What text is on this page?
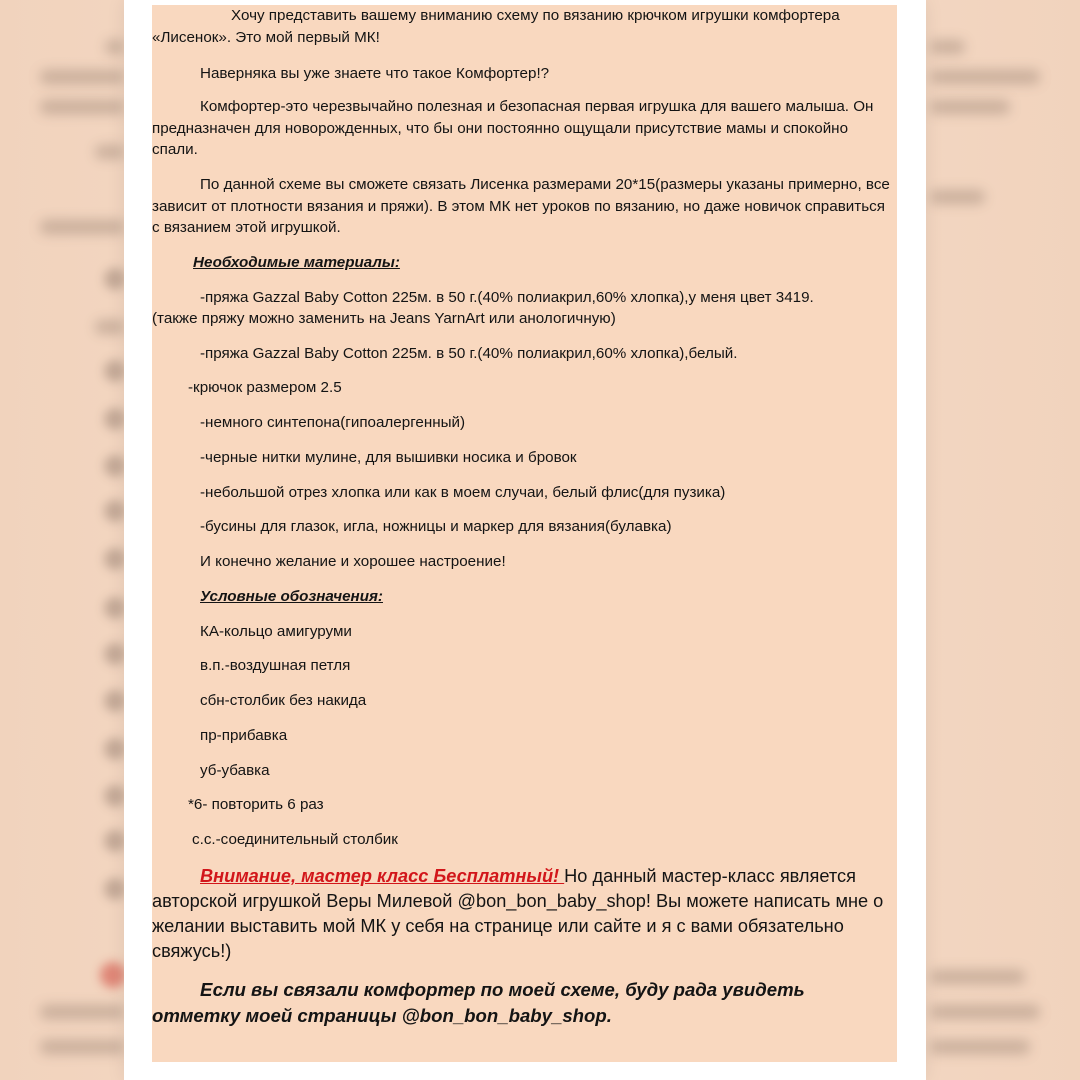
Хочу представить вашему вниманию схему по вязанию крючком игрушки комфортера «Лисенок». Это мой первый МК!
Наверняка вы уже знаете что такое Комфортер!?
Комфортер-это черезвычайно полезная и безопасная первая игрушка для вашего малыша. Он предназначен для новорожденных, что бы они постоянно ощущали присутствие мамы и спокойно спали.
По данной схеме вы сможете связать Лисенка размерами 20*15(размеры указаны примерно, все зависит от плотности вязания и пряжи). В этом МК нет уроков по вязанию, но даже новичок справиться с вязанием этой игрушкой.
Необходимые материалы:
-пряжа Gazzal Baby Cotton 225м. в 50 г.(40% полиакрил,60% хлопка),у меня цвет 3419.
(также пряжу можно заменить на Jeans YarnArt или анологичную)
-пряжа Gazzal Baby Cotton 225м. в 50 г.(40% полиакрил,60% хлопка),белый.
-крючок размером 2.5
-немного синтепона(гипоалергенный)
-черные нитки мулине, для вышивки носика и бровок
-небольшой отрез хлопка или как в моем случаи, белый флис(для пузика)
-бусины для глазок, игла, ножницы и маркер для вязания(булавка)
И конечно желание и хорошее настроение!
Условные обозначения:
КА-кольцо амигуруми
в.п.-воздушная петля
сбн-столбик без накида
пр-прибавка
уб-убавка
*6- повторить 6 раз
с.с.-соединительный столбик
Внимание, мастер класс Бесплатный! Но данный мастер-класс является авторской игрушкой Веры Милевой @bon_bon_baby_shop! Вы можете написать мне о желании выставить мой МК у себя на странице или сайте и я с вами обязательно свяжусь!)
Если вы связали комфортер по моей схеме, буду рада увидеть отметку моей страницы @bon_bon_baby_shop.
